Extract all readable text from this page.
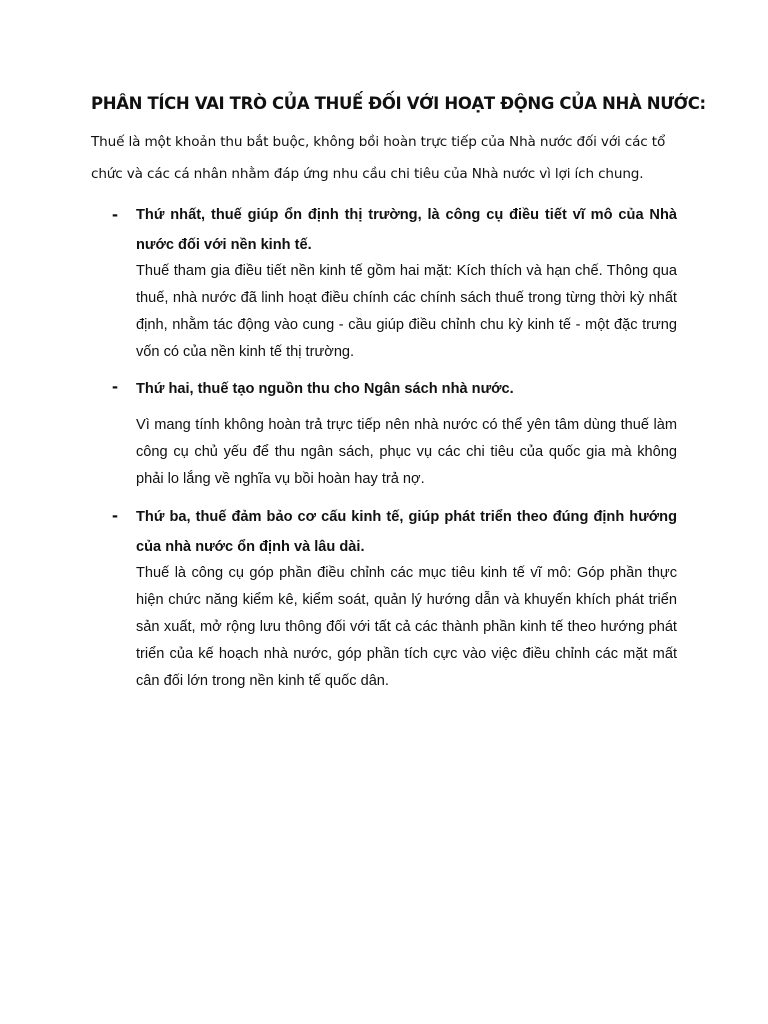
PHÂN TÍCH VAI TRÒ CỦA THUẾ ĐỐI VỚI HOẠT ĐỘNG CỦA NHÀ NƯỚC:

Thuế là một khoản thu bắt buộc, không bồi hoàn trực tiếp của Nhà nước đối với các tổ chức và các cá nhân nhằm đáp ứng nhu cầu chi tiêu của Nhà nước vì lợi ích chung.

- Thứ nhất, thuế giúp ổn định thị trường, là công cụ điều tiết vĩ mô của Nhà nước đối với nền kinh tế.

Thuế tham gia điều tiết nền kinh tế gồm hai mặt: Kích thích và hạn chế. Thông qua thuế, nhà nước đã linh hoạt điều chính các chính sách thuế trong từng thời kỳ nhất định, nhằm tác động vào cung - cầu giúp điều chỉnh chu kỳ kinh tế - một đặc trưng vốn có của nền kinh tế thị trường.

- Thứ hai, thuế tạo nguồn thu cho Ngân sách nhà nước.

Vì mang tính không hoàn trả trực tiếp nên nhà nước có thể yên tâm dùng thuế làm công cụ chủ yếu để thu ngân sách, phục vụ các chi tiêu của quốc gia mà không phải lo lắng về nghĩa vụ bồi hoàn hay trả nợ.

- Thứ ba, thuế đảm bảo cơ cấu kinh tế, giúp phát triển theo đúng định hướng của nhà nước ổn định và lâu dài.

Thuế là công cụ góp phần điều chỉnh các mục tiêu kinh tế vĩ mô: Góp phần thực hiện chức năng kiểm kê, kiểm soát, quản lý hướng dẫn và khuyến khích phát triển sản xuất, mở rộng lưu thông đối với tất cả các thành phần kinh tế theo hướng phát triển của kế hoạch nhà nước, góp phần tích cực vào việc điều chỉnh các mặt mất cân đối lớn trong nền kinh tế quốc dân.
